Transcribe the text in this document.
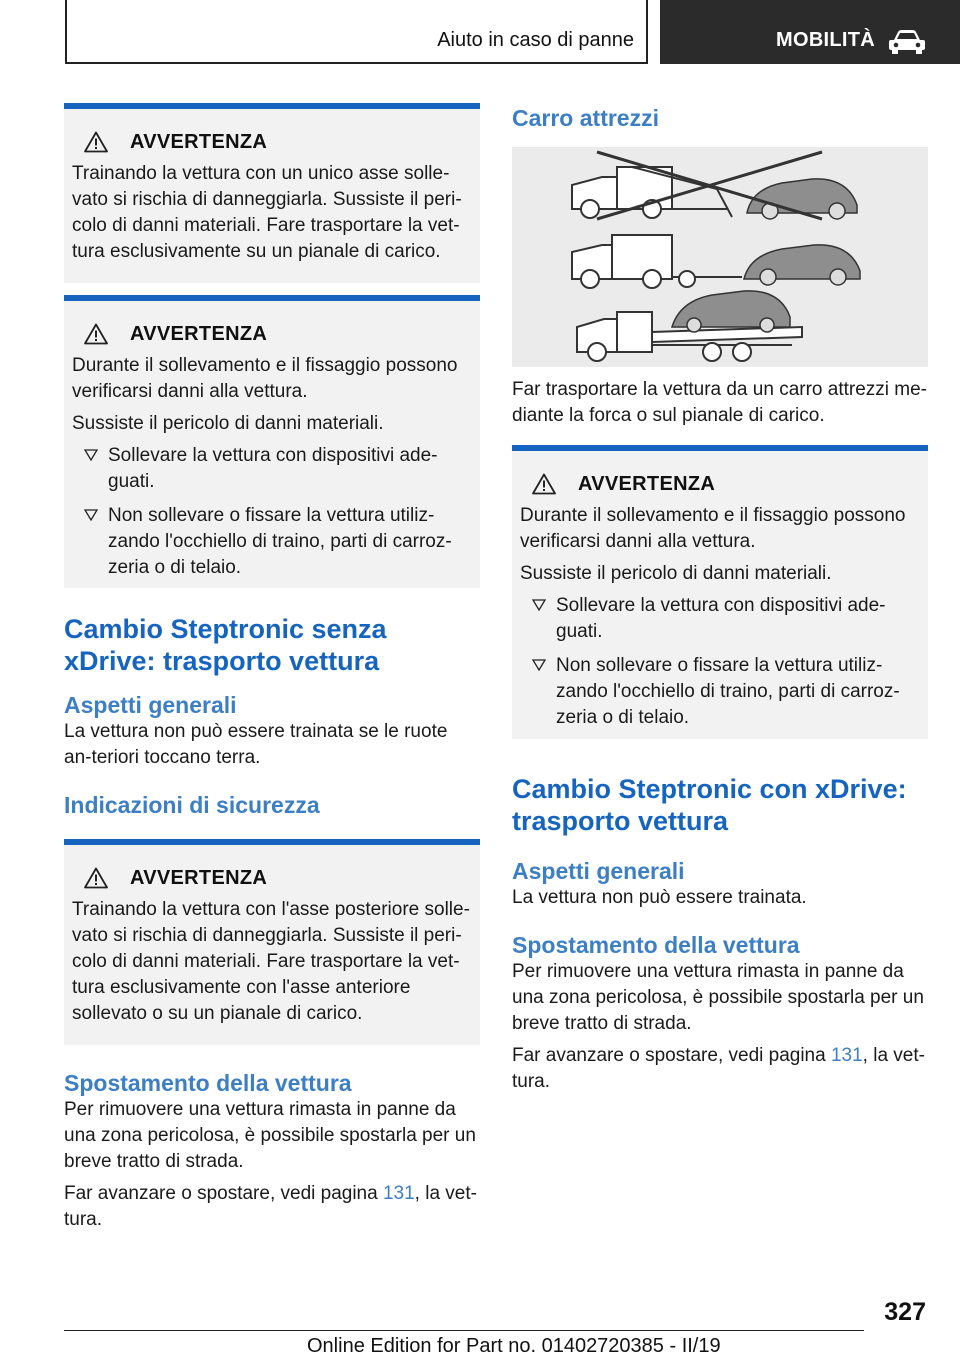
Aiuto in caso di panne	MOBILITÀ
AVVERTENZA

Trainando la vettura con un unico asse solle-vato si rischia di danneggiarla. Sussiste il peri-colo di danni materiali. Fare trasportare la vet-tura esclusivamente su un pianale di carico.

AVVERTENZA

Durante il sollevamento e il fissaggio possono verificarsi danni alla vettura.

Sussiste il pericolo di danni materiali.

Sollevare la vettura con dispositivi ade-guati.
Non sollevare o fissare la vettura utiliz-zando l'occhiello di traino, parti di carroz-zeria o di telaio.
Cambio Steptronic senza xDrive: trasporto vettura
Aspetti generali

La vettura non può essere trainata se le ruote an-teriori toccano terra.

Indicazioni di sicurezza
AVVERTENZA

Trainando la vettura con l'asse posteriore solle-vato si rischia di danneggiarla. Sussiste il peri-colo di danni materiali. Fare trasportare la vet-tura esclusivamente con l'asse anteriore sollevato o su un pianale di carico.

Spostamento della vettura

Per rimuovere una vettura rimasta in panne da una zona pericolosa, è possibile spostarla per un breve tratto di strada.

Far avanzare o spostare, vedi pagina 131, la vet-tura.

Carro attrezzi

Far trasportare la vettura da un carro attrezzi me-diante la forca o sul pianale di carico.

AVVERTENZA

Durante il sollevamento e il fissaggio possono verificarsi danni alla vettura.

Sussiste il pericolo di danni materiali.

Sollevare la vettura con dispositivi ade-guati.
Non sollevare o fissare la vettura utiliz-zando l'occhiello di traino, parti di carroz-zeria o di telaio.
Cambio Steptronic con xDrive: trasporto vettura
Aspetti generali

La vettura non può essere trainata.

Spostamento della vettura

Per rimuovere una vettura rimasta in panne da una zona pericolosa, è possibile spostarla per un breve tratto di strada.

Far avanzare o spostare, vedi pagina 131, la vet-tura.

327
Online Edition for Part no. 01402720385 - II/19
